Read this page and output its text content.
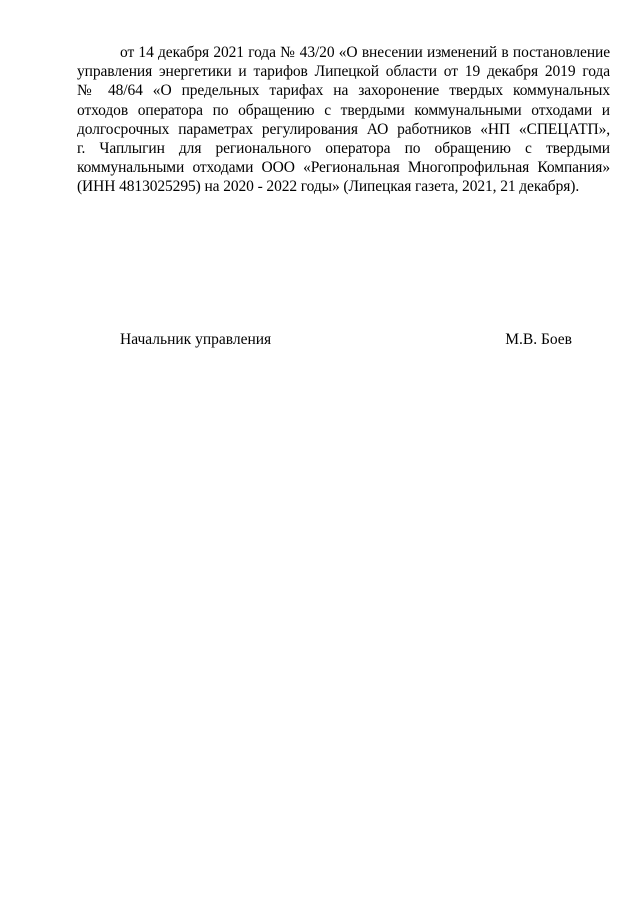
от 14 декабря 2021 года № 43/20 «О внесении изменений в постановление
управления энергетики и тарифов Липецкой области от 19 декабря 2019 года
№ 48/64 «О предельных тарифах на захоронение твердых коммунальных
отходов оператора по обращению с твердыми коммунальными отходами и
долгосрочных параметрах регулирования АО работников «НП «СПЕЦАТП»,
г. Чаплыгин для регионального оператора по обращению с твердыми
коммунальными отходами ООО «Региональная Многопрофильная Компания»
(ИНН 4813025295) на 2020 - 2022 годы» (Липецкая газета, 2021, 21 декабря).

Начальник управления	М.В. Боев
